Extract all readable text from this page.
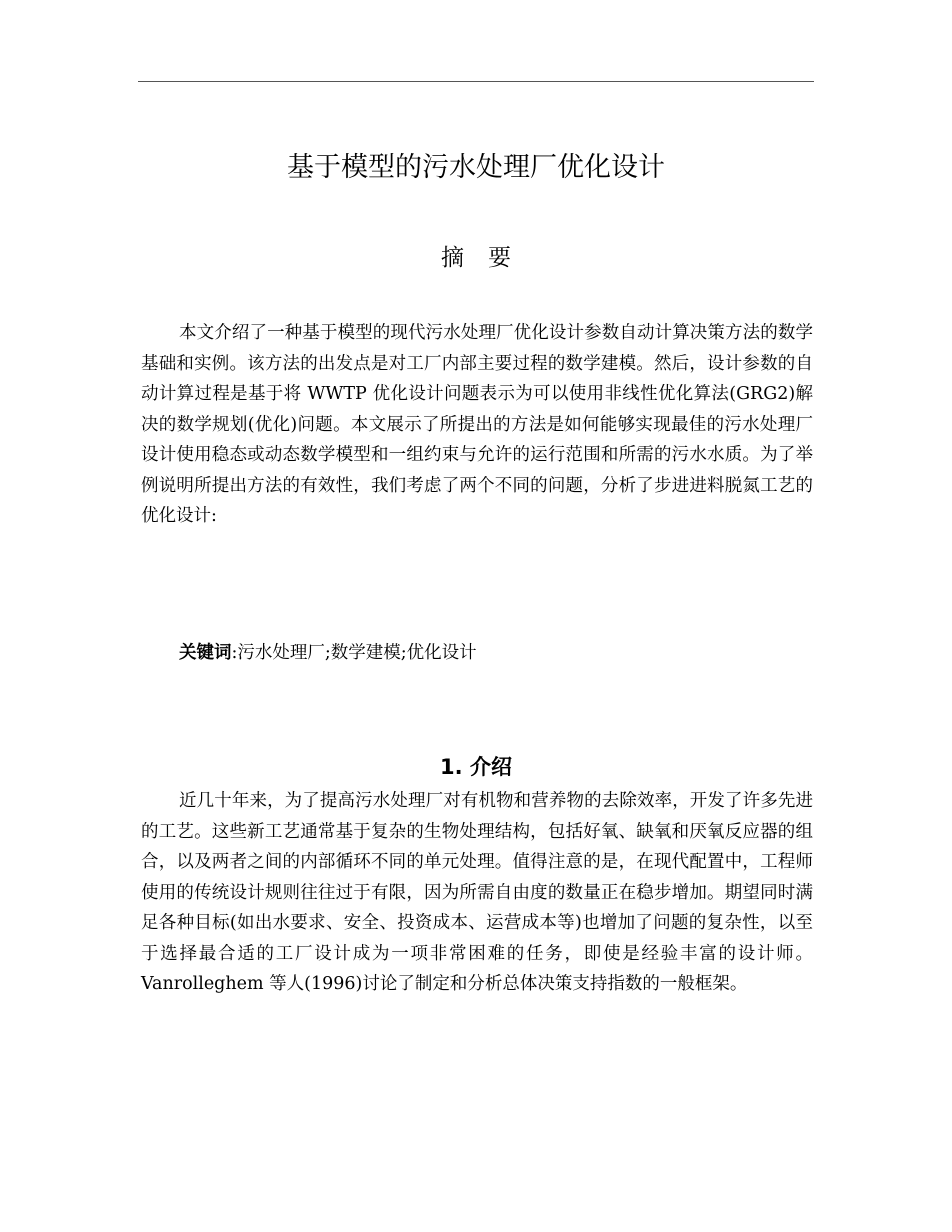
基于模型的污水处理厂优化设计
摘要

本文介绍了一种基于模型的现代污水处理厂优化设计参数自动计算决策方法的数学基础和实例。该方法的出发点是对工厂内部主要过程的数学建模。然后，设计参数的自动计算过程是基于将 WWTP 优化设计问题表示为可以使用非线性优化算法(GRG2)解决的数学规划(优化)问题。本文展示了所提出的方法是如何能够实现最佳的污水处理厂设计使用稳态或动态数学模型和一组约束与允许的运行范围和所需的污水水质。为了举例说明所提出方法的有效性，我们考虑了两个不同的问题，分析了步进进料脱氮工艺的优化设计:

关键词:污水处理厂;数学建模;优化设计
1. 介绍

近几十年来，为了提高污水处理厂对有机物和营养物的去除效率，开发了许多先进的工艺。这些新工艺通常基于复杂的生物处理结构，包括好氧、缺氧和厌氧反应器的组合，以及两者之间的内部循环不同的单元处理。值得注意的是，在现代配置中，工程师使用的传统设计规则往往过于有限，因为所需自由度的数量正在稳步增加。期望同时满足各种目标(如出水要求、安全、投资成本、运营成本等)也增加了问题的复杂性，以至于选择最合适的工厂设计成为一项非常困难的任务，即使是经验丰富的设计师。Vanrolleghem 等人(1996)讨论了制定和分析总体决策支持指数的一般框架。
